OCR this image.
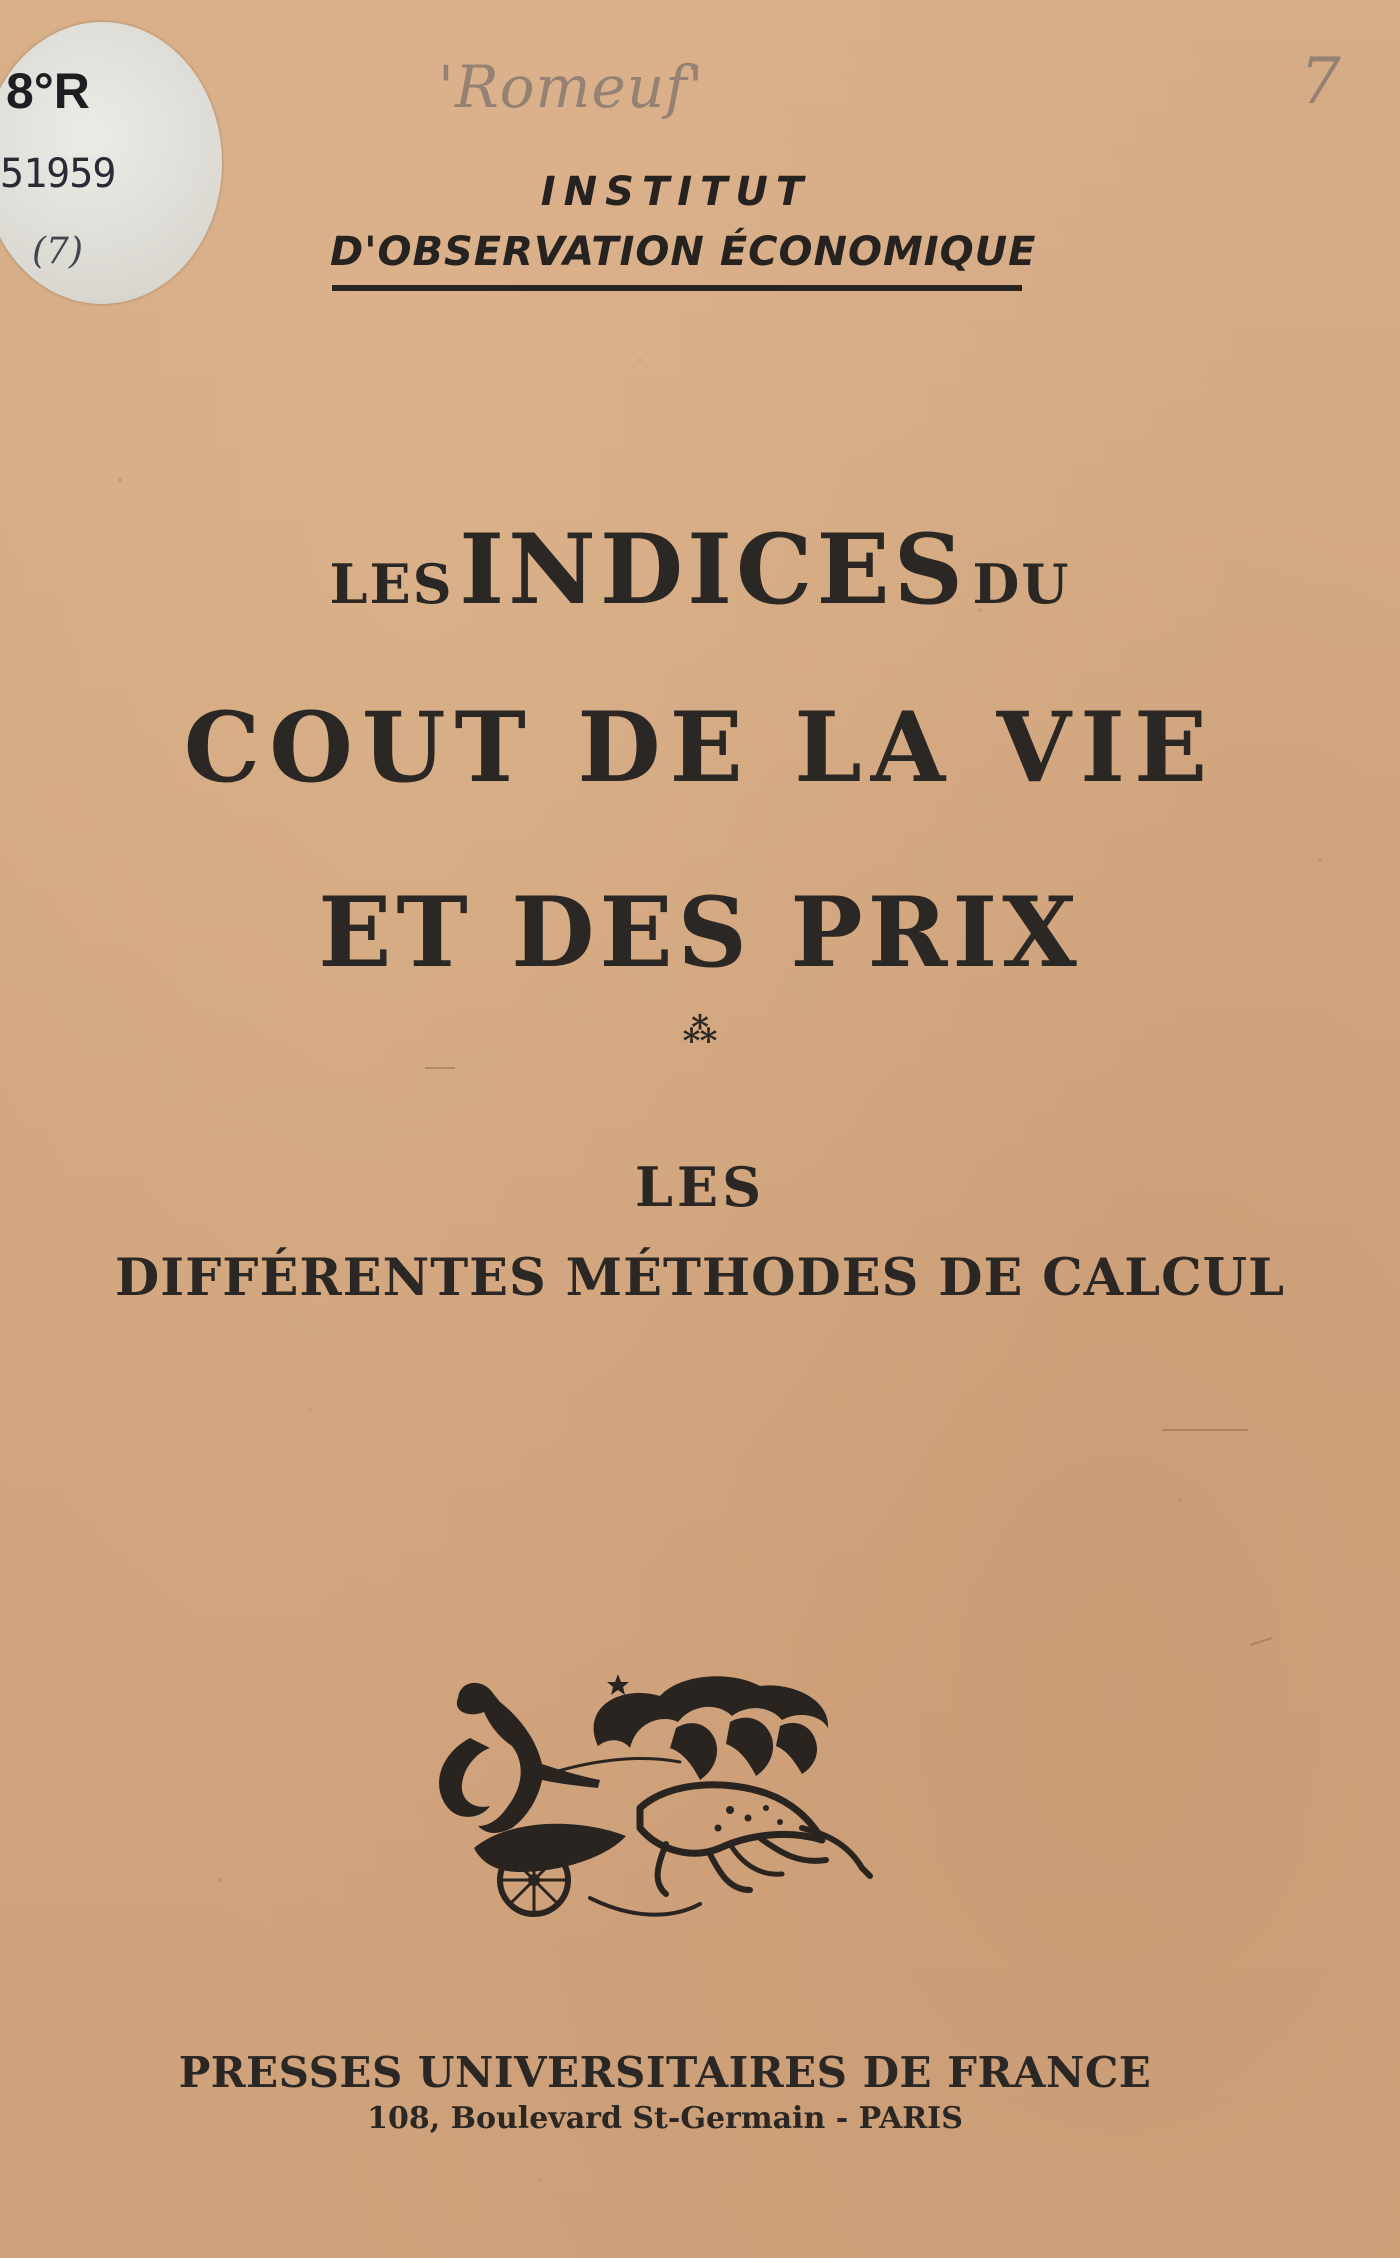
8°R
51959
(7)
'Romeuf'	7
INSTITUT
D'OBSERVATION ÉCONOMIQUE
LES INDICES DU
COUT DE LA VIE
ET DES PRIX
⁂
LES
DIFFÉRENTES MÉTHODES DE CALCUL
PRESSES UNIVERSITAIRES DE FRANCE
108, Boulevard St-Germain - PARIS
